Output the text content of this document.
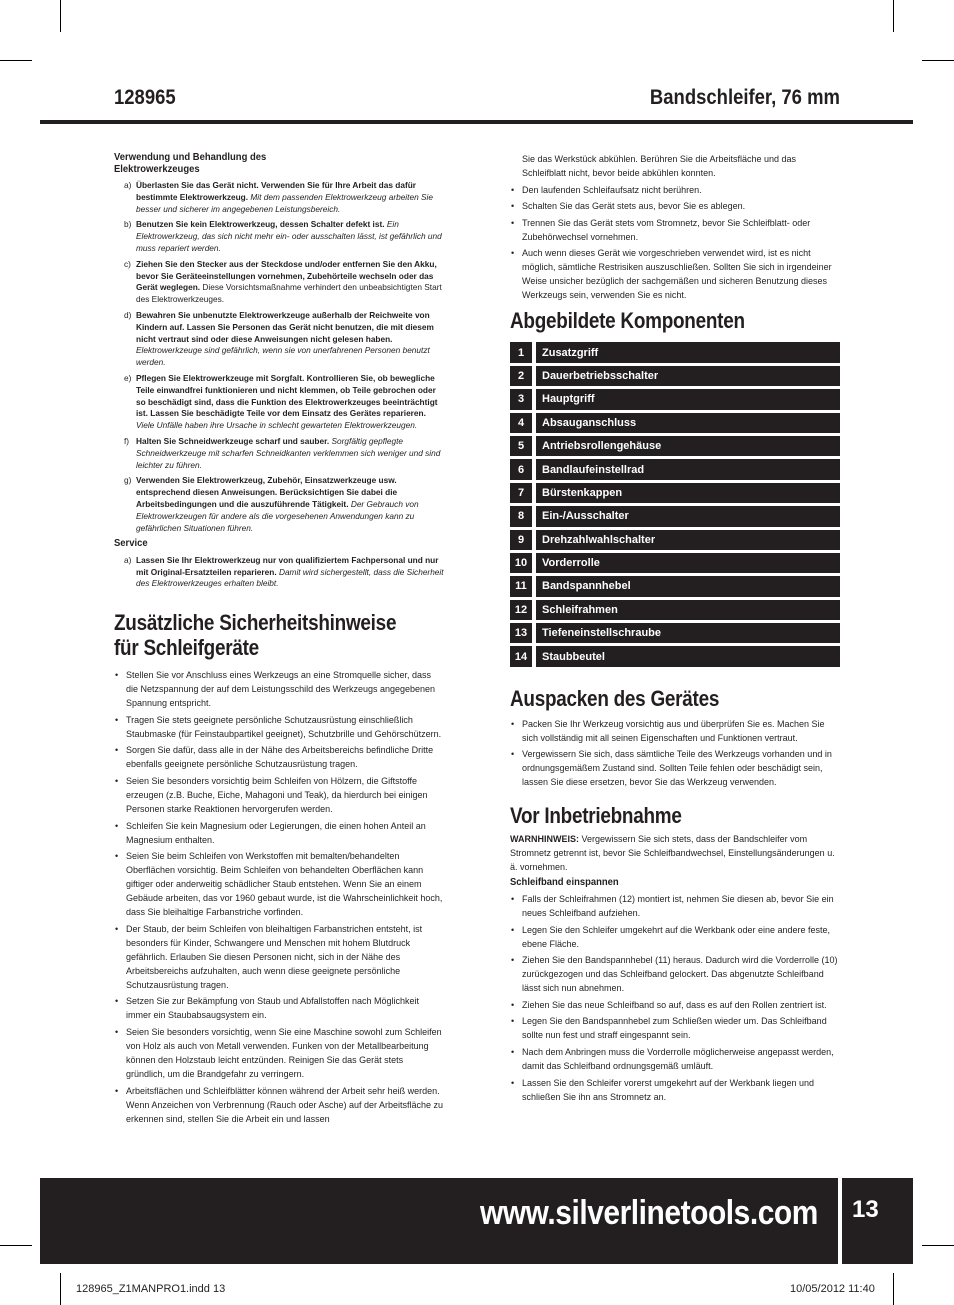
128965	Bandschleifer, 76 mm
Verwendung und Behandlung des Elektrowerkzeuges
a) Überlasten Sie das Gerät nicht. Verwenden Sie für Ihre Arbeit das dafür bestimmte Elektrowerkzeug. Mit dem passenden Elektrowerkzeug arbeiten Sie besser und sicherer im angegebenen Leistungsbereich.
b) Benutzen Sie kein Elektrowerkzeug, dessen Schalter defekt ist. Ein Elektrowerkzeug, das sich nicht mehr ein- oder ausschalten lässt, ist gefährlich und muss repariert werden.
c) Ziehen Sie den Stecker aus der Steckdose und/oder entfernen Sie den Akku, bevor Sie Geräteeinstellungen vornehmen, Zubehörteile wechseln oder das Gerät weglegen. Diese Vorsichtsmaßnahme verhindert den unbeabsichtigten Start des Elektrowerkzeuges.
d) Bewahren Sie unbenutzte Elektrowerkzeuge außerhalb der Reichweite von Kindern auf. Lassen Sie Personen das Gerät nicht benutzen, die mit diesem nicht vertraut sind oder diese Anweisungen nicht gelesen haben. Elektrowerkzeuge sind gefährlich, wenn sie von unerfahrenen Personen benutzt werden.
e) Pflegen Sie Elektrowerkzeuge mit Sorgfalt. Kontrollieren Sie, ob bewegliche Teile einwandfrei funktionieren und nicht klemmen, ob Teile gebrochen oder so beschädigt sind, dass die Funktion des Elektrowerkzeuges beeinträchtigt ist. Lassen Sie beschädigte Teile vor dem Einsatz des Gerätes reparieren. Viele Unfälle haben ihre Ursache in schlecht gewarteten Elektrowerkzeugen.
f) Halten Sie Schneidwerkzeuge scharf und sauber. Sorgfältig gepflegte Schneidwerkzeuge mit scharfen Schneidkanten verklemmen sich weniger und sind leichter zu führen.
g) Verwenden Sie Elektrowerkzeug, Zubehör, Einsatzwerkzeuge usw. entsprechend diesen Anweisungen. Berücksichtigen Sie dabei die Arbeitsbedingungen und die auszuführende Tätigkeit. Der Gebrauch von Elektrowerkzeugen für andere als die vorgesehenen Anwendungen kann zu gefährlichen Situationen führen.
Service
a) Lassen Sie Ihr Elektrowerkzeug nur von qualifiziertem Fachpersonal und nur mit Original-Ersatzteilen reparieren. Damit wird sichergestellt, dass die Sicherheit des Elektrowerkzeuges erhalten bleibt.
Zusätzliche Sicherheitshinweise
für Schleifgeräte
• Stellen Sie vor Anschluss eines Werkzeugs an eine Stromquelle sicher, dass die Netzspannung der auf dem Leistungsschild des Werkzeugs angegebenen Spannung entspricht.
• Tragen Sie stets geeignete persönliche Schutzausrüstung einschließlich Staubmaske (für Feinstaubpartikel geeignet), Schutzbrille und Gehörschützern.
• Sorgen Sie dafür, dass alle in der Nähe des Arbeitsbereichs befindliche Dritte ebenfalls geeignete persönliche Schutzausrüstung tragen.
• Seien Sie besonders vorsichtig beim Schleifen von Hölzern, die Giftstoffe erzeugen (z.B. Buche, Eiche, Mahagoni und Teak), da hierdurch bei einigen Personen starke Reaktionen hervorgerufen werden.
• Schleifen Sie kein Magnesium oder Legierungen, die einen hohen Anteil an Magnesium enthalten.
• Seien Sie beim Schleifen von Werkstoffen mit bemalten/behandelten Oberflächen vorsichtig. Beim Schleifen von behandelten Oberflächen kann giftiger oder anderweitig schädlicher Staub entstehen. Wenn Sie an einem Gebäude arbeiten, das vor 1960 gebaut wurde, ist die Wahrscheinlichkeit hoch, dass Sie bleihaltige Farbanstriche vorfinden.
• Der Staub, der beim Schleifen von bleihaltigen Farbanstrichen entsteht, ist besonders für Kinder, Schwangere und Menschen mit hohem Blutdruck gefährlich. Erlauben Sie diesen Personen nicht, sich in der Nähe des Arbeitsbereichs aufzuhalten, auch wenn diese geeignete persönliche Schutzausrüstung tragen.
• Setzen Sie zur Bekämpfung von Staub und Abfallstoffen nach Möglichkeit immer ein Staubabsaugsystem ein.
• Seien Sie besonders vorsichtig, wenn Sie eine Maschine sowohl zum Schleifen von Holz als auch von Metall verwenden. Funken von der Metallbearbeitung können den Holzstaub leicht entzünden. Reinigen Sie das Gerät stets gründlich, um die Brandgefahr zu verringern.
• Arbeitsflächen und Schleifblätter können während der Arbeit sehr heiß werden. Wenn Anzeichen von Verbrennung (Rauch oder Asche) auf der Arbeitsfläche zu erkennen sind, stellen Sie die Arbeit ein und lassen
Sie das Werkstück abkühlen. Berühren Sie die Arbeitsfläche und das Schleifblatt nicht, bevor beide abkühlen konnten.
• Den laufenden Schleifaufsatz nicht berühren.
• Schalten Sie das Gerät stets aus, bevor Sie es ablegen.
• Trennen Sie das Gerät stets vom Stromnetz, bevor Sie Schleifblatt- oder Zubehörwechsel vornehmen.
• Auch wenn dieses Gerät wie vorgeschrieben verwendet wird, ist es nicht möglich, sämtliche Restrisiken auszuschließen. Sollten Sie sich in irgendeiner Weise unsicher bezüglich der sachgemäßen und sicheren Benutzung dieses Werkzeugs sein, verwenden Sie es nicht.
Abgebildete Komponenten
1		Zusatzgriff
2		Dauerbetriebsschalter
3		Hauptgriff
4		Absauganschluss
5		Antriebsrollengehäuse
6		Bandlaufeinstellrad
7		Bürstenkappen
8		Ein-/Ausschalter
9		Drehzahlwahlschalter
10		Vorderrolle
11		Bandspannhebel
12		Schleifrahmen
13		Tiefeneinstellschraube
14		Staubbeutel
Auspacken des Gerätes
• Packen Sie Ihr Werkzeug vorsichtig aus und überprüfen Sie es. Machen Sie sich vollständig mit all seinen Eigenschaften und Funktionen vertraut.
• Vergewissern Sie sich, dass sämtliche Teile des Werkzeugs vorhanden und in ordnungsgemäßem Zustand sind. Sollten Teile fehlen oder beschädigt sein, lassen Sie diese ersetzen, bevor Sie das Werkzeug verwenden.
Vor Inbetriebnahme
WARNHINWEIS: Vergewissern Sie sich stets, dass der Bandschleifer vom Stromnetz getrennt ist, bevor Sie Schleifbandwechsel, Einstellungsänderungen u. ä. vornehmen.
Schleifband einspannen
• Falls der Schleifrahmen (12) montiert ist, nehmen Sie diesen ab, bevor Sie ein neues Schleifband aufziehen.
• Legen Sie den Schleifer umgekehrt auf die Werkbank oder eine andere feste, ebene Fläche.
• Ziehen Sie den Bandspannhebel (11) heraus. Dadurch wird die Vorderrolle (10) zurückgezogen und das Schleifband gelockert. Das abgenutzte Schleifband lässt sich nun abnehmen.
• Ziehen Sie das neue Schleifband so auf, dass es auf den Rollen zentriert ist.
• Legen Sie den Bandspannhebel zum Schließen wieder um. Das Schleifband sollte nun fest und straff eingespannt sein.
• Nach dem Anbringen muss die Vorderrolle möglicherweise angepasst werden, damit das Schleifband ordnungsgemäß umläuft.
• Lassen Sie den Schleifer vorerst umgekehrt auf der Werkbank liegen und schließen Sie ihn ans Stromnetz an.
www.silverlinetools.com 13
128965_Z1MANPRO1.indd 13	10/05/2012 11:40
